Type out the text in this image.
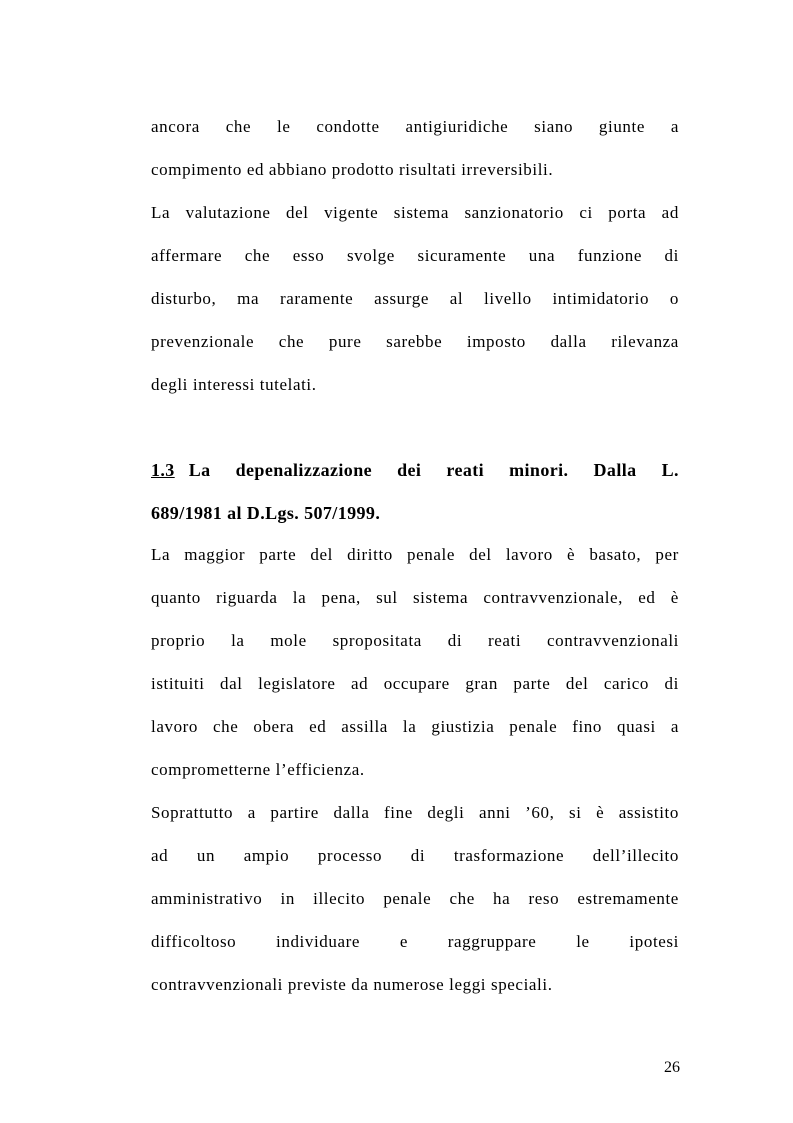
ancora che le condotte antigiuridiche siano giunte a
compimento ed abbiano prodotto risultati irreversibili.
La valutazione del vigente sistema sanzionatorio ci porta ad
affermare che esso svolge sicuramente una funzione di
disturbo, ma raramente assurge al livello intimidatorio o
prevenzionale che pure sarebbe imposto dalla rilevanza
degli interessi tutelati.
1.3 La depenalizzazione dei reati minori. Dalla L.
689/1981 al D.Lgs. 507/1999.
La maggior parte del diritto penale del lavoro è basato, per
quanto riguarda la pena, sul sistema contravvenzionale, ed è
proprio la mole spropositata di reati contravvenzionali
istituiti dal legislatore ad occupare gran parte del carico di
lavoro che obera ed assilla la giustizia penale fino quasi a
comprometterne l’efficienza.
Soprattutto a partire dalla fine degli anni ’60, si è assistito
ad un ampio processo di trasformazione dell’illecito
amministrativo in illecito penale che ha reso estremamente
difficoltoso individuare e raggruppare le ipotesi
contravvenzionali previste da numerose leggi speciali.
26
